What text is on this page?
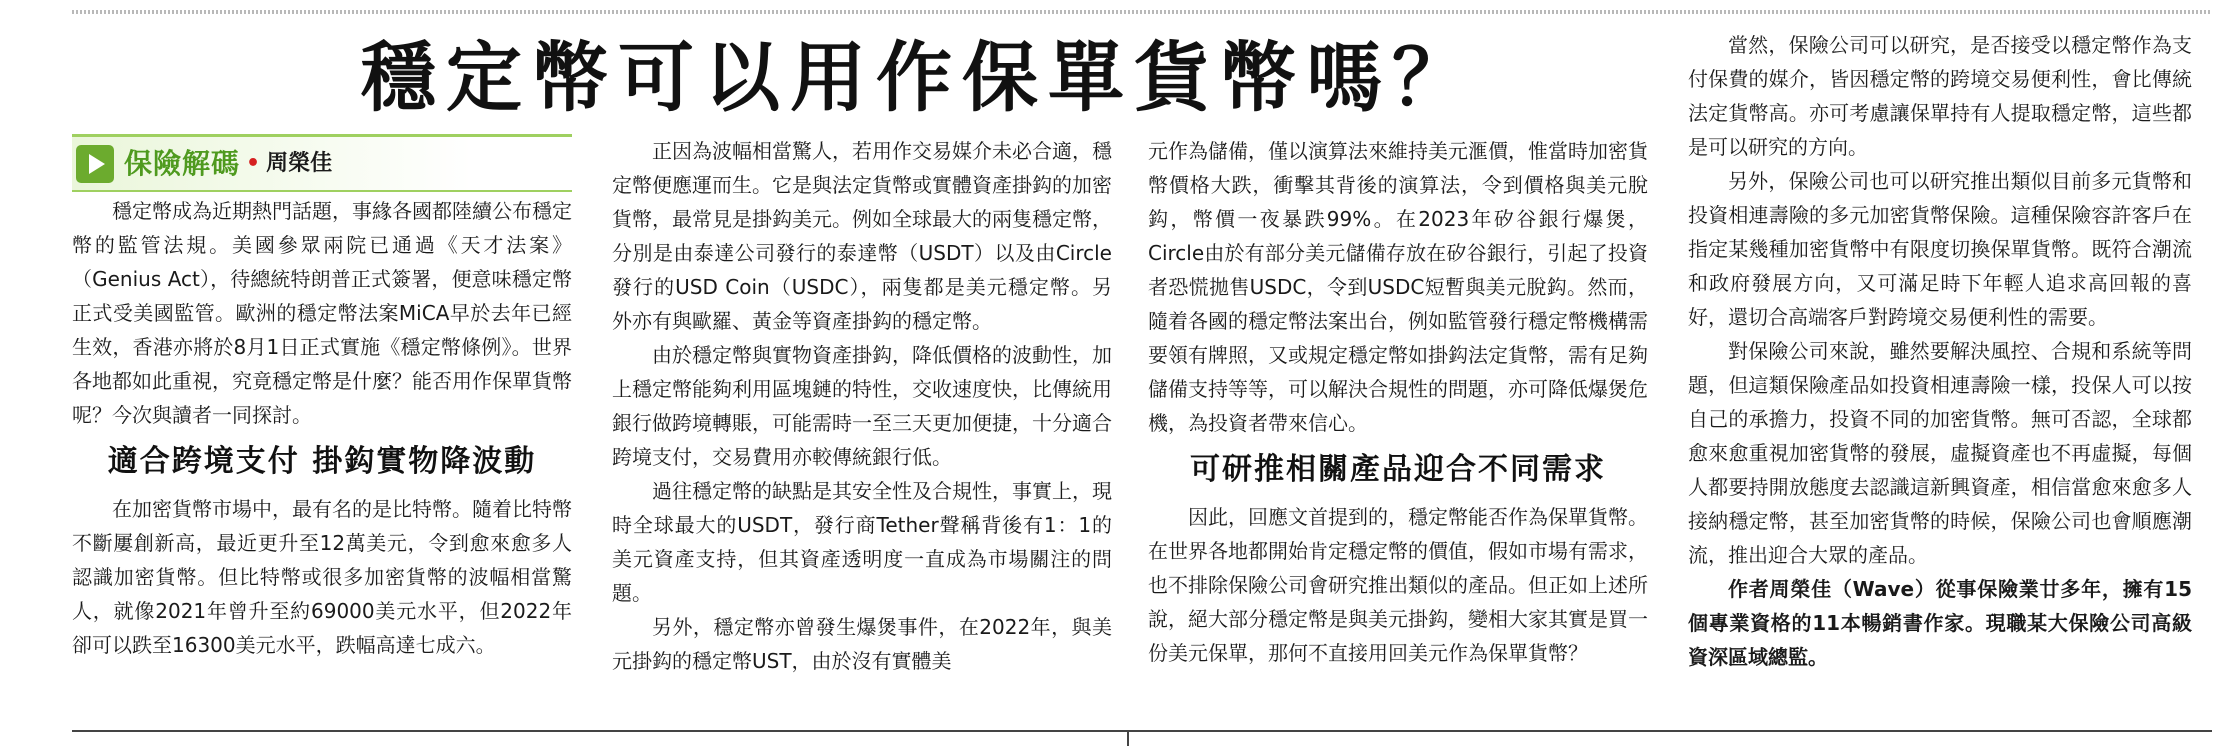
穩定幣可以用作保單貨幣嗎？
保險解碼 • 周榮佳

穩定幣成為近期熱門話題，事緣各國都陸續公布穩定幣的監管法規。美國參眾兩院已通過《天才法案》（Genius Act），待總統特朗普正式簽署，便意味穩定幣正式受美國監管。歐洲的穩定幣法案MiCA早於去年已經生效，香港亦將於8月1日正式實施《穩定幣條例》。世界各地都如此重視，究竟穩定幣是什麼？能否用作保單貨幣呢？今次與讀者一同探討。

適合跨境支付 掛鈎實物降波動

在加密貨幣市場中，最有名的是比特幣。隨着比特幣不斷屢創新高，最近更升至12萬美元，令到愈來愈多人認識加密貨幣。但比特幣或很多加密貨幣的波幅相當驚人，就像2021年曾升至約69000美元水平，但2022年卻可以跌至16300美元水平，跌幅高達七成六。

正因為波幅相當驚人，若用作交易媒介未必合適，穩定幣便應運而生。它是與法定貨幣或實體資產掛鈎的加密貨幣，最常見是掛鈎美元。例如全球最大的兩隻穩定幣，分別是由泰達公司發行的泰達幣（USDT）以及由Circle發行的USD Coin（USDC），兩隻都是美元穩定幣。另外亦有與歐羅、黃金等資產掛鈎的穩定幣。

由於穩定幣與實物資產掛鈎，降低價格的波動性，加上穩定幣能夠利用區塊鏈的特性，交收速度快，比傳統用銀行做跨境轉賬，可能需時一至三天更加便捷，十分適合跨境支付，交易費用亦較傳統銀行低。

過往穩定幣的缺點是其安全性及合規性，事實上，現時全球最大的USDT，發行商Tether聲稱背後有1：1的美元資產支持，但其資產透明度一直成為市場關注的問題。

另外，穩定幣亦曾發生爆煲事件，在2022年，與美元掛鈎的穩定幣UST，由於沒有實體美

元作為儲備，僅以演算法來維持美元滙價，惟當時加密貨幣價格大跌，衝擊其背後的演算法，令到價格與美元脫鈎，幣價一夜暴跌99%。在2023年矽谷銀行爆煲，Circle由於有部分美元儲備存放在矽谷銀行，引起了投資者恐慌拋售USDC，令到USDC短暫與美元脫鈎。然而，隨着各國的穩定幣法案出台，例如監管發行穩定幣機構需要領有牌照，又或規定穩定幣如掛鈎法定貨幣，需有足夠儲備支持等等，可以解決合規性的問題，亦可降低爆煲危機，為投資者帶來信心。

可研推相關產品迎合不同需求

因此，回應文首提到的，穩定幣能否作為保單貨幣。在世界各地都開始肯定穩定幣的價值，假如市場有需求，也不排除保險公司會研究推出類似的產品。但正如上述所說，絕大部分穩定幣是與美元掛鈎，變相大家其實是買一份美元保單，那何不直接用回美元作為保單貨幣？

當然，保險公司可以研究，是否接受以穩定幣作為支付保費的媒介，皆因穩定幣的跨境交易便利性，會比傳統法定貨幣高。亦可考慮讓保單持有人提取穩定幣，這些都是可以研究的方向。

另外，保險公司也可以研究推出類似目前多元貨幣和投資相連壽險的多元加密貨幣保險。這種保險容許客戶在指定某幾種加密貨幣中有限度切換保單貨幣。既符合潮流和政府發展方向，又可滿足時下年輕人追求高回報的喜好，還切合高端客戶對跨境交易便利性的需要。

對保險公司來說，雖然要解決風控、合規和系統等問題，但這類保險產品如投資相連壽險一樣，投保人可以按自己的承擔力，投資不同的加密貨幣。無可否認，全球都愈來愈重視加密貨幣的發展，虛擬資產也不再虛擬，每個人都要持開放態度去認識這新興資產，相信當愈來愈多人接納穩定幣，甚至加密貨幣的時候，保險公司也會順應潮流，推出迎合大眾的產品。

作者周榮佳（Wave）從事保險業廿多年，擁有15個專業資格的11本暢銷書作家。現職某大保險公司高級資深區域總監。
